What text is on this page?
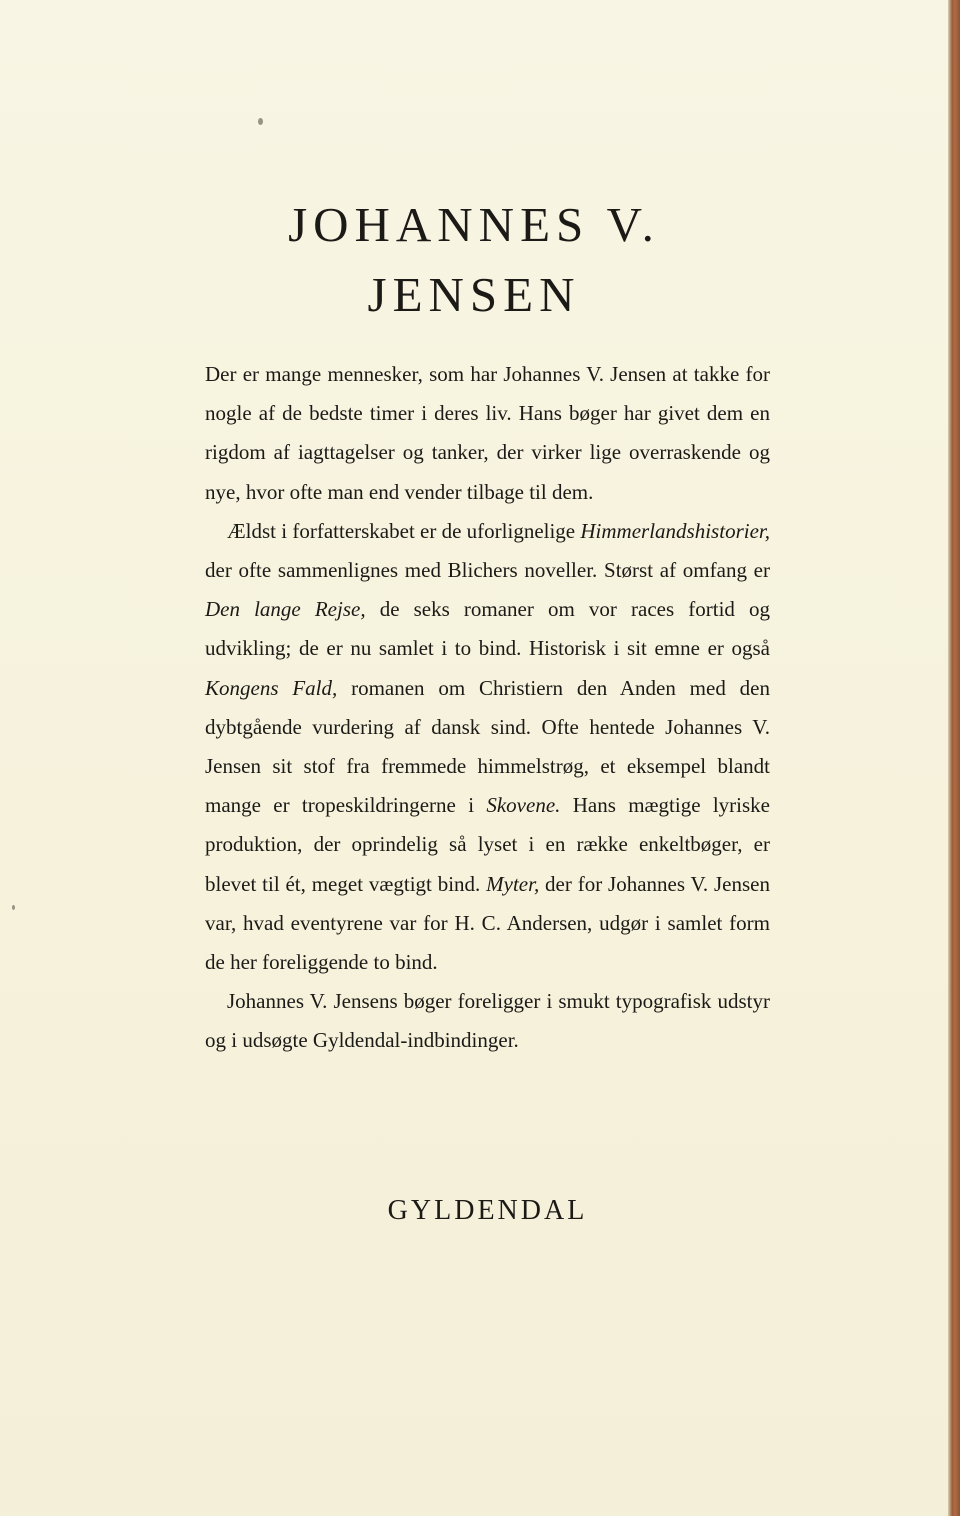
JOHANNES V.
JENSEN

Der er mange mennesker, som har Johannes V. Jensen at takke for nogle af de bedste timer i deres liv. Hans bøger har givet dem en rigdom af iagttagelser og tanker, der virker lige overraskende og nye, hvor ofte man end vender tilbage til dem.

Ældst i forfatterskabet er de uforlignelige Himmerlandshistorier, der ofte sammenlignes med Blichers noveller. Størst af omfang er Den lange Rejse, de seks romaner om vor races fortid og udvikling; de er nu samlet i to bind. Historisk i sit emne er også Kongens Fald, romanen om Christiern den Anden med den dybtgående vurdering af dansk sind. Ofte hentede Johannes V. Jensen sit stof fra fremmede himmelstrøg, et eksempel blandt mange er tropeskildringerne i Skovene. Hans mægtige lyriske produktion, der oprindelig så lyset i en række enkeltbøger, er blevet til ét, meget vægtigt bind. Myter, der for Johannes V. Jensen var, hvad eventyrene var for H. C. Andersen, udgør i samlet form de her foreliggende to bind.

Johannes V. Jensens bøger foreligger i smukt typografisk udstyr og i udsøgte Gyldendal-indbindinger.

GYLDENDAL
